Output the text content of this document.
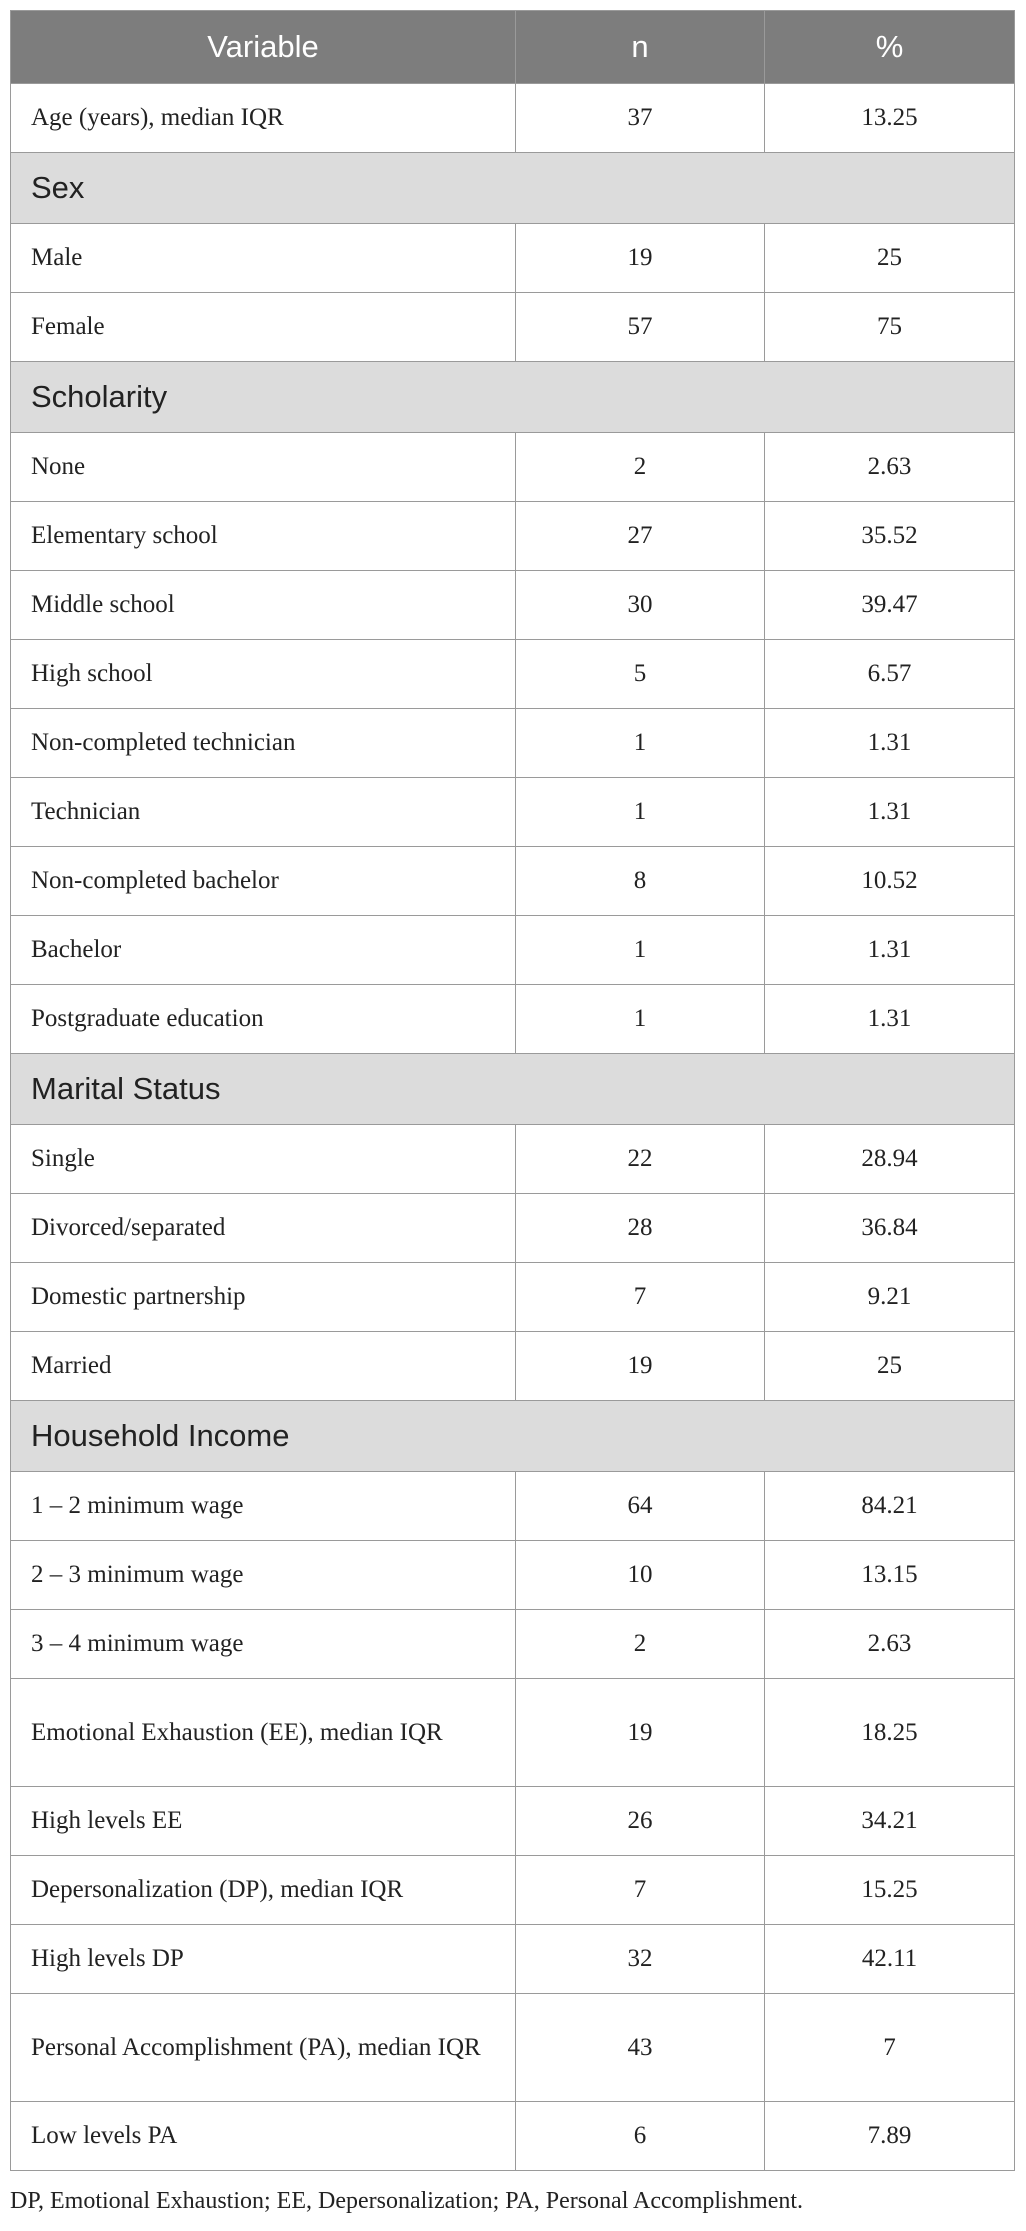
Variable	n	%
Age (years), median IQR	37	13.25
Sex		
Male	19	25
Female	57	75
Scholarity		
None	2	2.63
Elementary school	27	35.52
Middle school	30	39.47
High school	5	6.57
Non-completed technician	1	1.31
Technician	1	1.31
Non-completed bachelor	8	10.52
Bachelor	1	1.31
Postgraduate education	1	1.31
Marital Status		
Single	22	28.94
Divorced/separated	28	36.84
Domestic partnership	7	9.21
Married	19	25
Household Income		
1 – 2 minimum wage	64	84.21
2 – 3 minimum wage	10	13.15
3 – 4 minimum wage	2	2.63
Emotional Exhaustion (EE), median IQR	19	18.25
High levels EE	26	34.21
Depersonalization (DP), median IQR	7	15.25
High levels DP	32	42.11
Personal Accomplishment (PA), median IQR	43	7
Low levels PA	6	7.89
DP, Emotional Exhaustion; EE, Depersonalization; PA, Personal Accomplishment.
